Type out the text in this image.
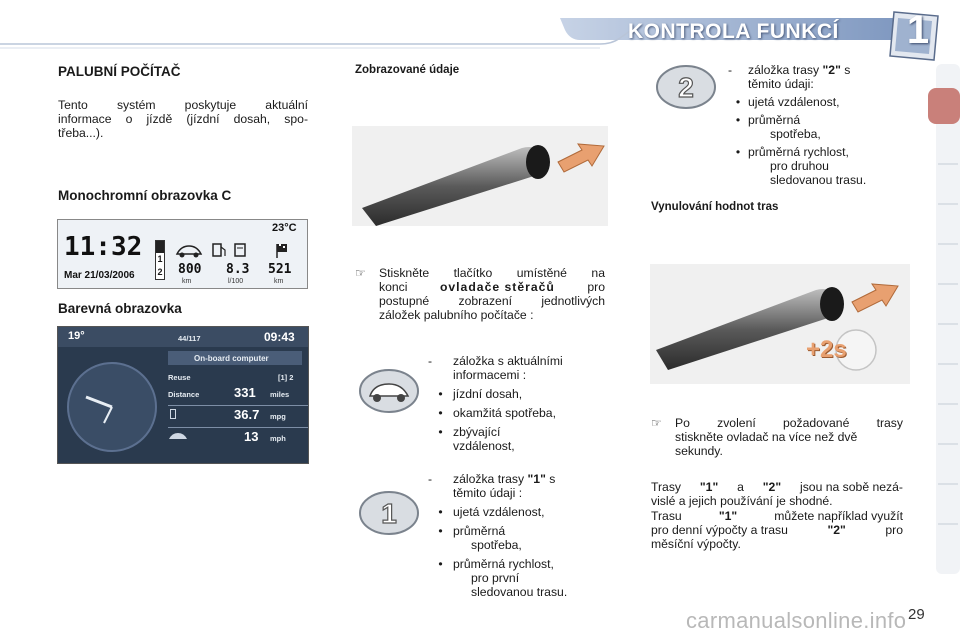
KONTROLA FUNKCÍ 1
PALUBNÍ POČÍTAČ
Tento systém poskytuje aktuální
informace o jízdě (jízdní dosah, spo-
třeba...).
Monochromní obrazovka C
11:32
Mar 21/03/2006
23°C
1
2 800
km
8.3
l/100
521
km
Barevná obrazovka
19°	44/117	09:43
On-board computer
Reuse	[1] 2
Distance	331 miles
36.7 mpg
13 mph
Zobrazované údaje
☞	Stiskněte tlačítko umístěné na
konci	ovladače stěračů	pro
postupné zobrazení jednotlivých
záložek palubního počítače :
-	záložka s aktuálními
informacemi :
• jízdní dosah,
• okamžitá spotřeba,
• zbývající
vzdálenost,
1
-	záložka trasy "1" s
těmito údaji :
• ujetá vzdálenost,
• průměrná
spotřeba,
• průměrná rychlost,
pro první
sledovanou trasu.
2
-	záložka trasy "2" s
těmito údaji:
• ujetá vzdálenost,
• průměrná
spotřeba,
• průměrná rychlost,
pro druhou
sledovanou trasu.
Vynulování hodnot tras
+2s
☞	Po zvolení požadované trasy
stiskněte ovladač na více než dvě
sekundy.
Trasy "1" a "2" jsou na sobě nezá-
vislé a jejich používání je shodné.
Trasu	"1"	můžete například využít
pro denní výpočty a trasu	"2"	pro
měsíční výpočty.
carmanualsonline.info 29
